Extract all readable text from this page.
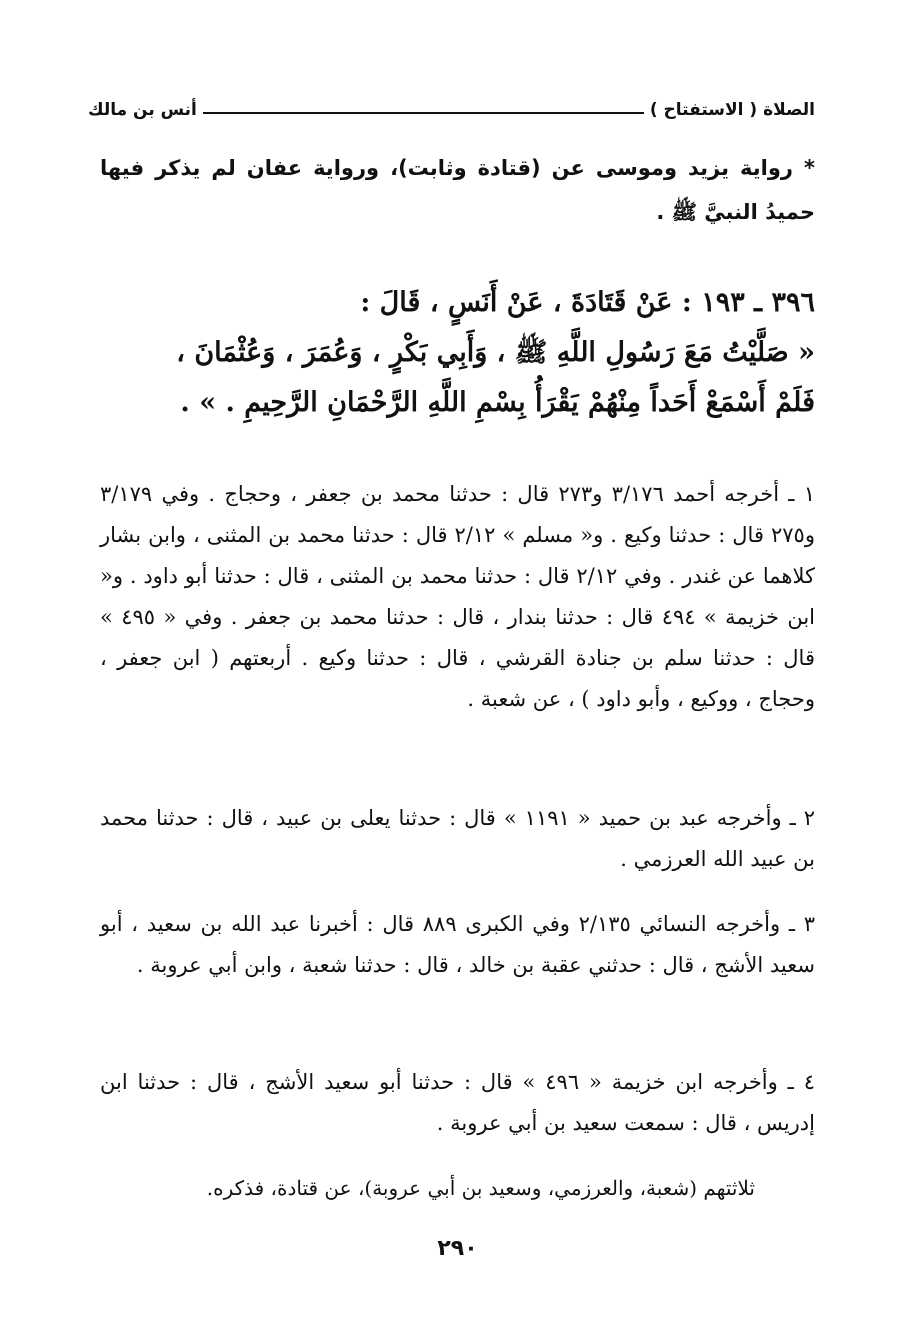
الصلاة ( الاستفتاح )
أنس بن مالك
* رواية يزيد وموسى عن (قتادة وثابت)، ورواية عفان لم يذكر فيها حميدُ النبيَّ ﷺ .
٣٩٦ ـ ١٩٣ : عَنْ قَتَادَةَ ، عَنْ أَنَسٍ ، قَالَ :
« صَلَّيْتُ مَعَ رَسُولِ اللَّهِ ﷺ ، وَأَبِي بَكْرٍ ، وَعُمَرَ ، وَعُثْمَانَ ،
فَلَمْ أَسْمَعْ أَحَداً مِنْهُمْ يَقْرَأُ بِسْمِ اللَّهِ الرَّحْمَانِ الرَّحِيمِ . » .
١ ـ أخرجه أحمد ٣/١٧٦ و٢٧٣ قال : حدثنا محمد بن جعفر ، وحجاج . وفي ٣/١٧٩ و٢٧٥ قال : حدثنا وكيع . و« مسلم » ٢/١٢ قال : حدثنا محمد بن المثنى ، وابن بشار كلاهما عن غندر . وفي ٢/١٢ قال : حدثنا محمد بن المثنى ، قال : حدثنا أبو داود . و« ابن خزيمة » ٤٩٤ قال : حدثنا بندار ، قال : حدثنا محمد بن جعفر . وفي « ٤٩٥ » قال : حدثنا سلم بن جنادة القرشي ، قال : حدثنا وكيع . أربعتهم ( ابن جعفر ، وحجاج ، ووكيع ، وأبو داود ) ، عن شعبة .
٢ ـ وأخرجه عبد بن حميد « ١١٩١ » قال : حدثنا يعلى بن عبيد ، قال : حدثنا محمد بن عبيد الله العرزمي .
٣ ـ وأخرجه النسائي ٢/١٣٥ وفي الكبرى ٨٨٩ قال : أخبرنا عبد الله بن سعيد ، أبو سعيد الأشج ، قال : حدثني عقبة بن خالد ، قال : حدثنا شعبة ، وابن أبي عروبة .
٤ ـ وأخرجه ابن خزيمة « ٤٩٦ » قال : حدثنا أبو سعيد الأشج ، قال : حدثنا ابن إدريس ، قال : سمعت سعيد بن أبي عروبة .
ثلاثتهم (شعبة، والعرزمي، وسعيد بن أبي عروبة)، عن قتادة، فذكره.
٢٩٠
